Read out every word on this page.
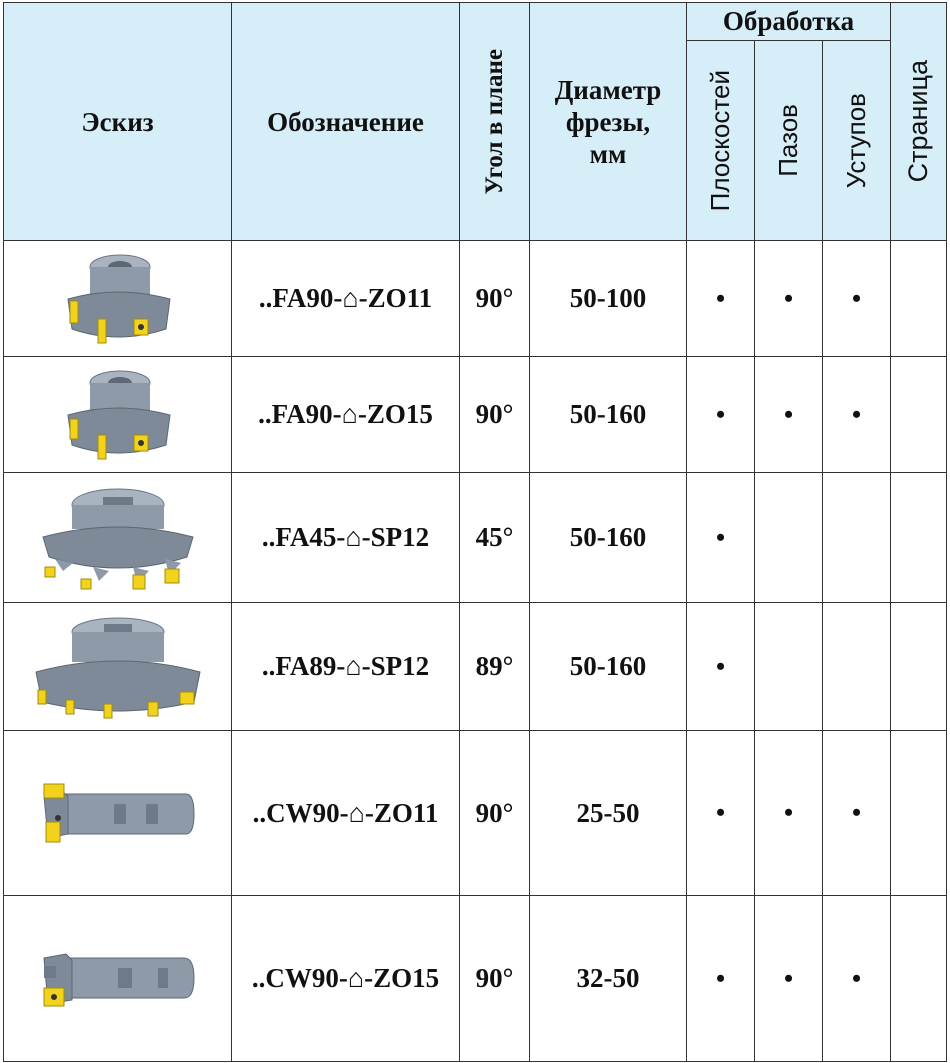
Эскиз	Обозначение	Угол в плане	Диаметр
фрезы,
мм	Обработка			Страница

				Плоскостей	Пазов	Уступов	

	..FA90-⌂-ZO11	90°	50-100	•	•	•	

	..FA90-⌂-ZO15	90°	50-160	•	•	•	

	..FA45-⌂-SP12	45°	50-160	•			

	..FA89-⌂-SP12	89°	50-160	•			

	..CW90-⌂-ZO11	90°	25-50	•	•	•	

	..CW90-⌂-ZO15	90°	32-50	•	•	•	
